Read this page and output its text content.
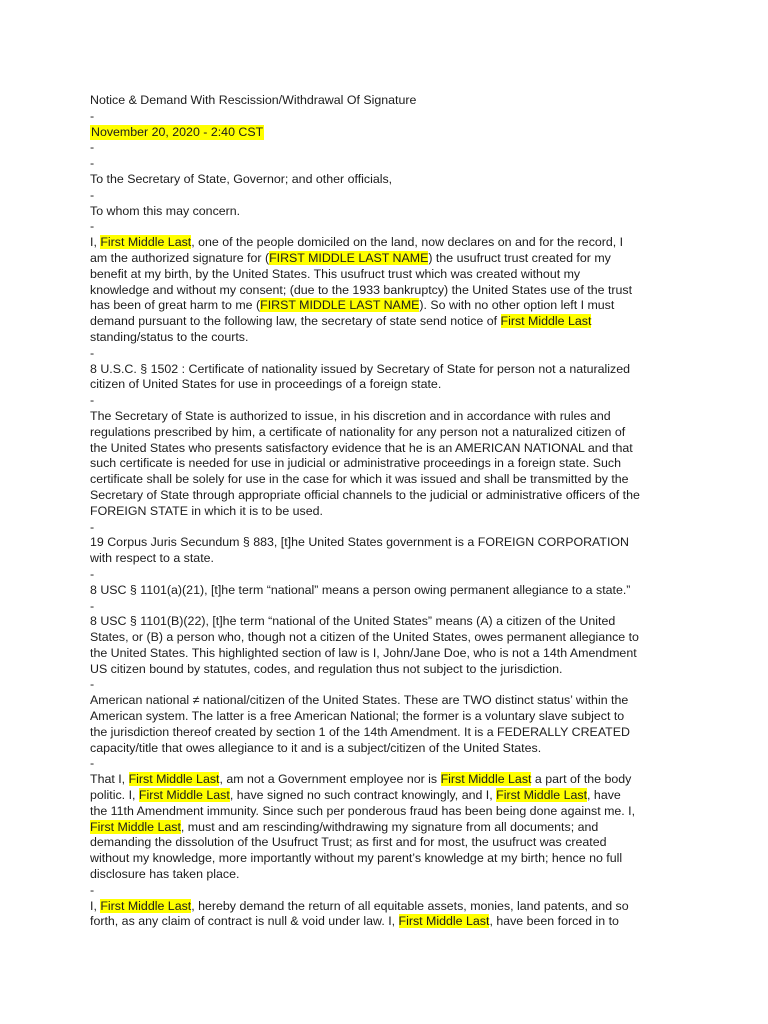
Notice & Demand With Rescission/Withdrawal Of Signature
-
November 20, 2020 - 2:40 CST
-
-
To the Secretary of State, Governor; and other officials,
-
To whom this may concern.
-
I, First Middle Last, one of the people domiciled on the land, now declares on and for the record, I
am the authorized signature for (FIRST MIDDLE LAST NAME) the usufruct trust created for my
benefit at my birth, by the United States. This usufruct trust which was created without my
knowledge and without my consent; (due to the 1933 bankruptcy) the United States use of the trust
has been of great harm to me (FIRST MIDDLE LAST NAME). So with no other option left I must
demand pursuant to the following law, the secretary of state send notice of First Middle Last
standing/status to the courts.
-
8 U.S.C. § 1502 : Certificate of nationality issued by Secretary of State for person not a naturalized
citizen of United States for use in proceedings of a foreign state.
-
The Secretary of State is authorized to issue, in his discretion and in accordance with rules and
regulations prescribed by him, a certificate of nationality for any person not a naturalized citizen of
the United States who presents satisfactory evidence that he is an AMERICAN NATIONAL and that
such certificate is needed for use in judicial or administrative proceedings in a foreign state. Such
certificate shall be solely for use in the case for which it was issued and shall be transmitted by the
Secretary of State through appropriate official channels to the judicial or administrative officers of the
FOREIGN STATE in which it is to be used.
-
19 Corpus Juris Secundum § 883, [t]he United States government is a FOREIGN CORPORATION
with respect to a state.
-
8 USC § 1101(a)(21), [t]he term “national” means a person owing permanent allegiance to a state.”
-
8 USC § 1101(B)(22), [t]he term “national of the United States” means (A) a citizen of the United
States, or (B) a person who, though not a citizen of the United States, owes permanent allegiance to
the United States. This highlighted section of law is I, John/Jane Doe, who is not a 14th Amendment
US citizen bound by statutes, codes, and regulation thus not subject to the jurisdiction.
-
American national ≠ national/citizen of the United States. These are TWO distinct status’ within the
American system. The latter is a free American National; the former is a voluntary slave subject to
the jurisdiction thereof created by section 1 of the 14th Amendment. It is a FEDERALLY CREATED
capacity/title that owes allegiance to it and is a subject/citizen of the United States.
-
That I, First Middle Last, am not a Government employee nor is First Middle Last a part of the body
politic. I, First Middle Last, have signed no such contract knowingly, and I, First Middle Last, have
the 11th Amendment immunity. Since such per ponderous fraud has been being done against me. I,
First Middle Last, must and am rescinding/withdrawing my signature from all documents; and
demanding the dissolution of the Usufruct Trust; as first and for most, the usufruct was created
without my knowledge, more importantly without my parent’s knowledge at my birth; hence no full
disclosure has taken place.
-
I, First Middle Last, hereby demand the return of all equitable assets, monies, land patents, and so
forth, as any claim of contract is null & void under law. I, First Middle Last, have been forced in to
